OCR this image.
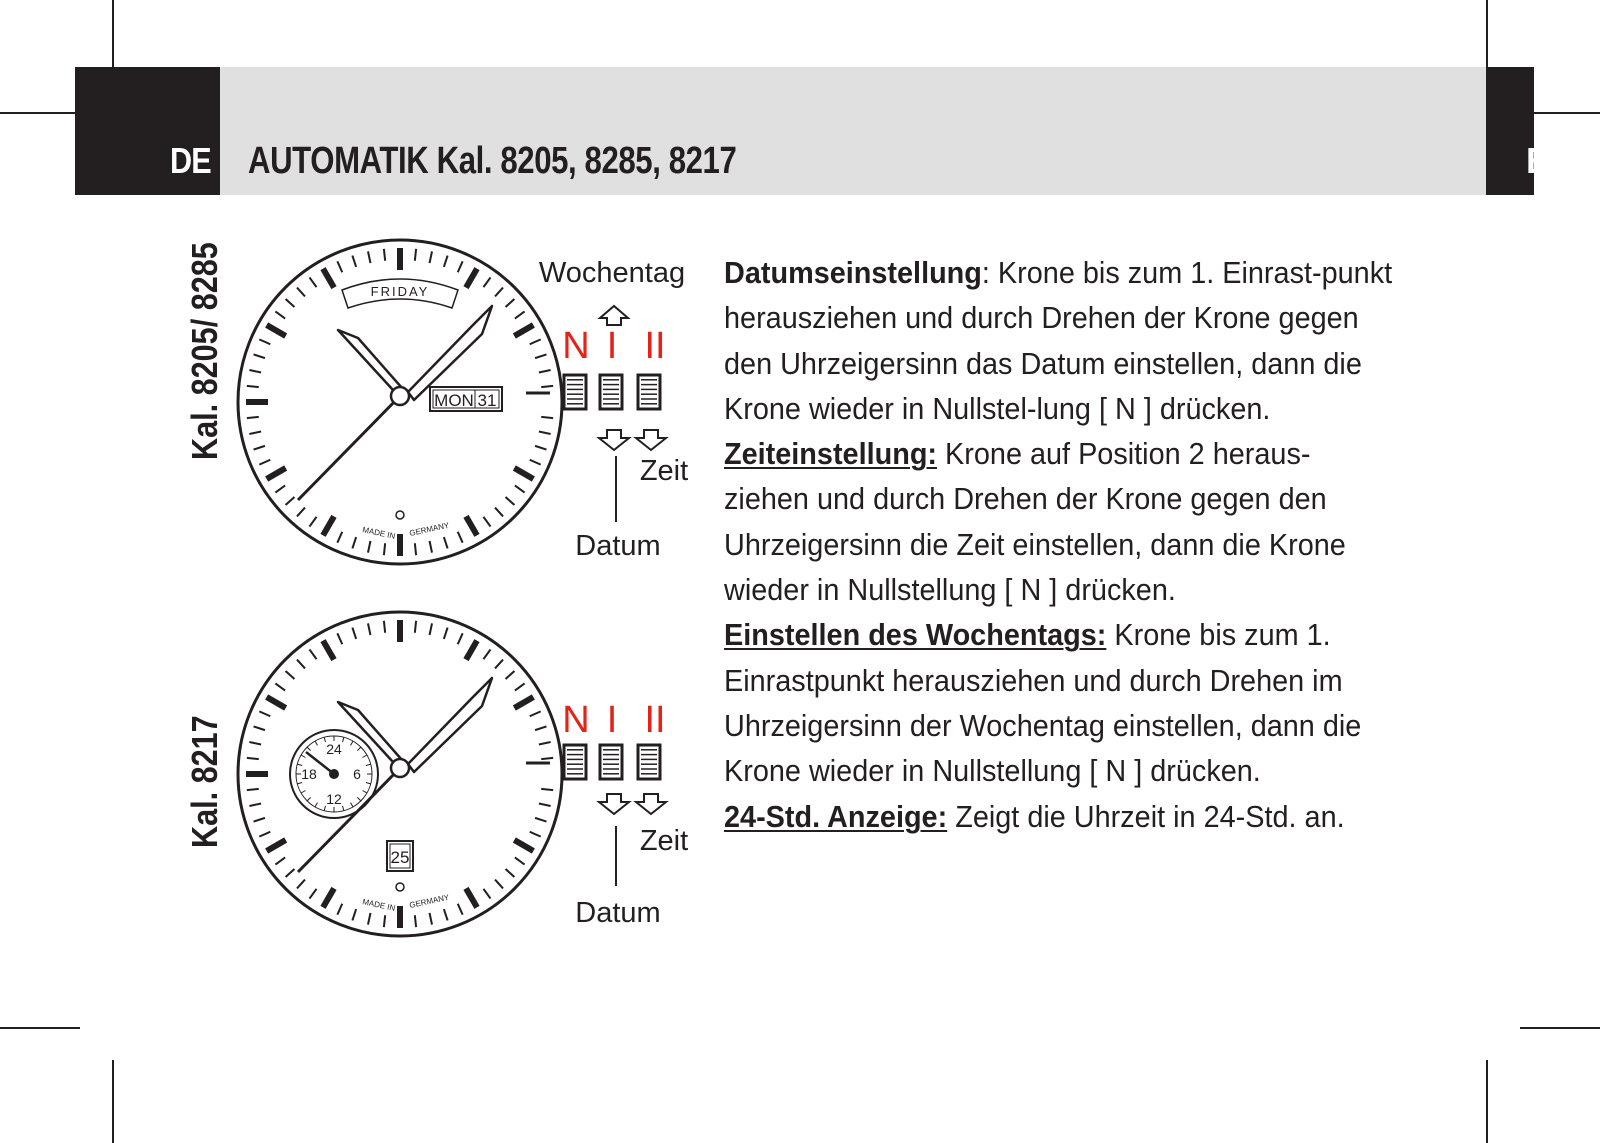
DE	E
AUTOMATIK Kal. 8205, 8285, 8217
Kal. 8205/ 8285
Kal. 8217
FRIDAY
MON 31
MADE IN GERMANY
N I II
Wochentag
Zeit
Datum
24
6
12
18
25
MADE IN GERMANY
N I II
Zeit
Datum

Datumseinstellung: Krone bis zum 1. Einrast-punkt herausziehen und durch Drehen der Krone gegen den Uhrzeigersinn das Datum einstellen, dann die Krone wieder in Nullstel-lung [ N ] drücken.

Zeiteinstellung: Krone auf Position 2 heraus-ziehen und durch Drehen der Krone gegen den Uhrzeigersinn die Zeit einstellen, dann die Krone wieder in Nullstellung [ N ] drücken.

Einstellen des Wochentags: Krone bis zum 1. Einrastpunkt herausziehen und durch Drehen im Uhrzeigersinn der Wochentag einstellen, dann die Krone wieder in Nullstellung [ N ] drücken.

24-Std. Anzeige: Zeigt die Uhrzeit in 24-Std. an.
